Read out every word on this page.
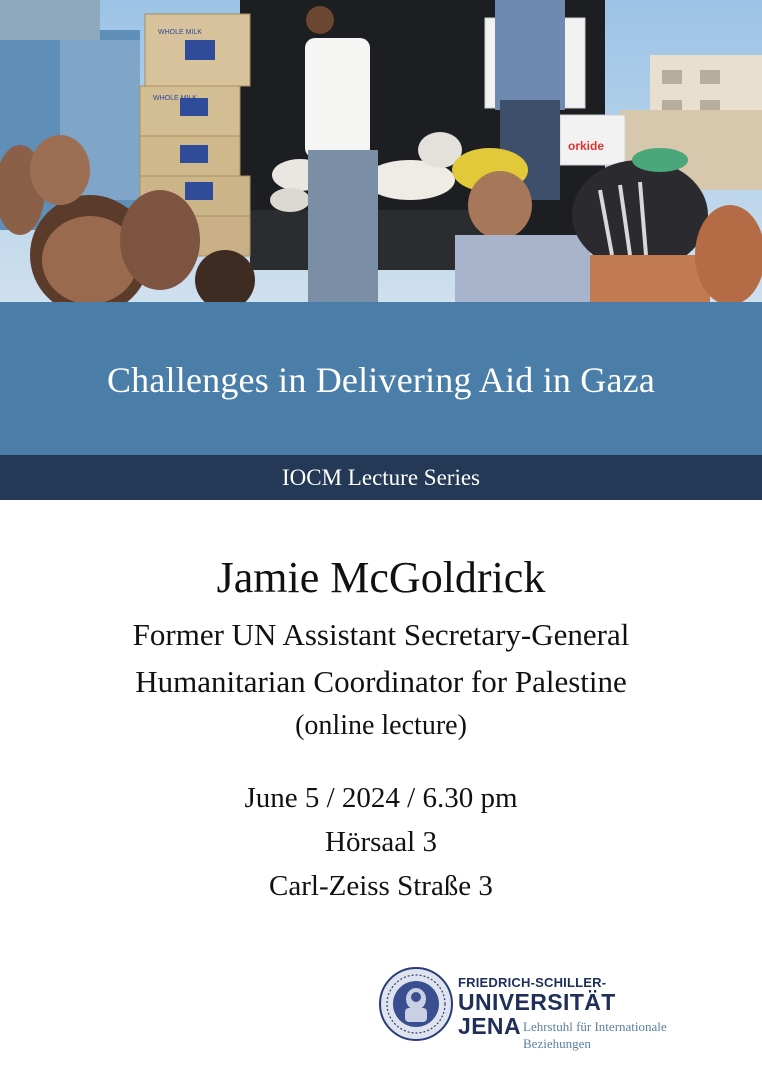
WHOLE MILK
WHOLE MILK
orkide
Challenges in Delivering Aid in Gaza
IOCM Lecture Series
Jamie McGoldrick
Former UN Assistant Secretary-General
Humanitarian Coordinator for Palestine
(online lecture)
June 5 / 2024 / 6.30 pm
Hörsaal 3
Carl-Zeiss Straße 3
FRIEDRICH-SCHILLER-
UNIVERSITÄT
JENA Lehrstuhl für Internationale Beziehungen
